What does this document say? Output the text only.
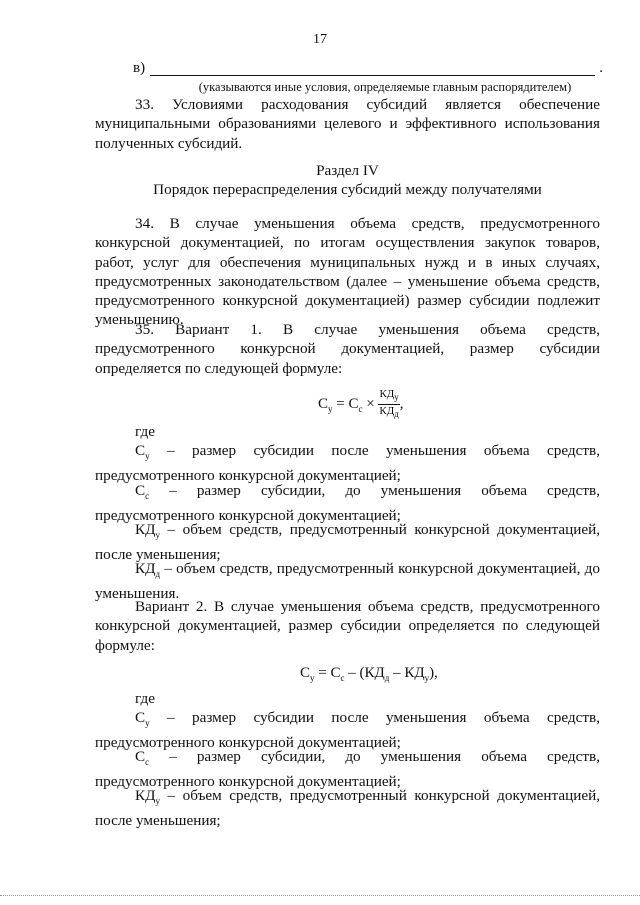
17
в)	.
(указываются иные условия, определяемые главным распорядителем)
33. Условиями расходования субсидий является обеспечение муниципальными образованиями целевого и эффективного использования полученных субсидий.
Раздел IV
Порядок перераспределения субсидий между получателями
34. В случае уменьшения объема средств, предусмотренного конкурсной документацией, по итогам осуществления закупок товаров, работ, услуг для обеспечения муниципальных нужд и в иных случаях, предусмотренных законодательством (далее – уменьшение объема средств, предусмотренного конкурсной документацией) размер субсидии подлежит уменьшению.
35. Вариант 1. В случае уменьшения объема средств, предусмотренного конкурсной документацией, размер субсидии определяется по следующей формуле:
$С_у = С_с \times \frac{КД_у}{КД_д}$ ,
где
$С_у$ – размер субсидии после уменьшения объема средств, предусмотренного конкурсной документацией;
$С_с$ – размер субсидии, до уменьшения объема средств, предусмотренного конкурсной документацией;
$КД_у$ – объем средств, предусмотренный конкурсной документацией, после уменьшения;
$КД_д$ – объем средств, предусмотренный конкурсной документацией, до уменьшения.
Вариант 2. В случае уменьшения объема средств, предусмотренного конкурсной документацией, размер субсидии определяется по следующей формуле:
$С_у = С_с - (КД_д - КД_у)$,
где
$С_у$ – размер субсидии после уменьшения объема средств, предусмотренного конкурсной документацией;
$С_с$ – размер субсидии, до уменьшения объема средств, предусмотренного конкурсной документацией;
$КД_у$ – объем средств, предусмотренный конкурсной документацией, после уменьшения;
